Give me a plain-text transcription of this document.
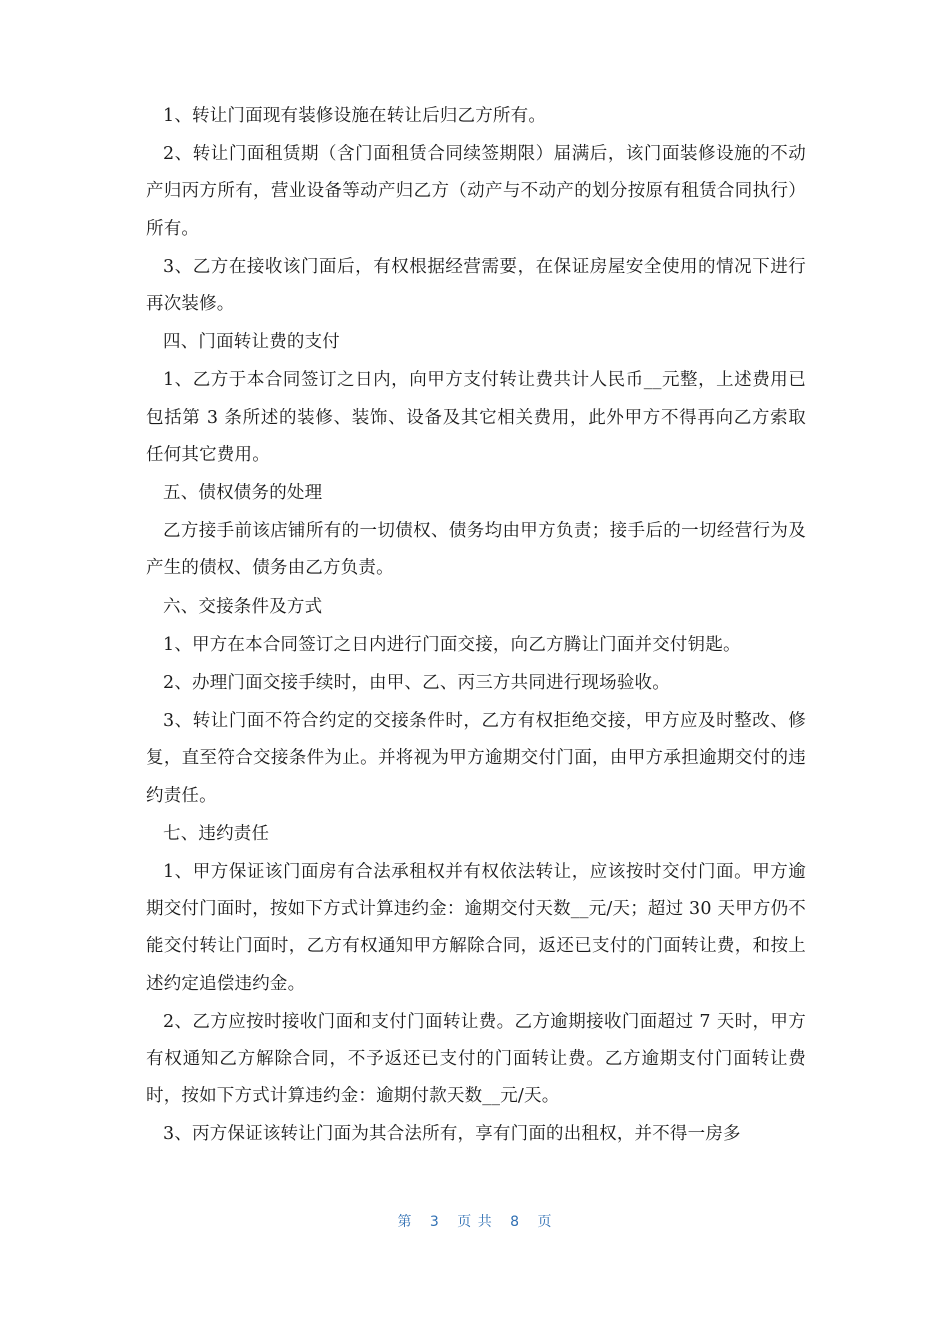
1、转让门面现有装修设施在转让后归乙方所有。

2、转让门面租赁期（含门面租赁合同续签期限）届满后，该门面装修设施的不动产归丙方所有，营业设备等动产归乙方（动产与不动产的划分按原有租赁合同执行）所有。

3、乙方在接收该门面后，有权根据经营需要，在保证房屋安全使用的情况下进行再次装修。

四、门面转让费的支付

1、乙方于本合同签订之日内，向甲方支付转让费共计人民币__元整，上述费用已包括第 3 条所述的装修、装饰、设备及其它相关费用，此外甲方不得再向乙方索取任何其它费用。

五、债权债务的处理

乙方接手前该店铺所有的一切债权、债务均由甲方负责；接手后的一切经营行为及产生的债权、债务由乙方负责。

六、交接条件及方式

1、甲方在本合同签订之日内进行门面交接，向乙方腾让门面并交付钥匙。

2、办理门面交接手续时，由甲、乙、丙三方共同进行现场验收。

3、转让门面不符合约定的交接条件时，乙方有权拒绝交接，甲方应及时整改、修复，直至符合交接条件为止。并将视为甲方逾期交付门面，由甲方承担逾期交付的违约责任。

七、违约责任

1、甲方保证该门面房有合法承租权并有权依法转让，应该按时交付门面。甲方逾期交付门面时，按如下方式计算违约金：逾期交付天数__元/天；超过 30 天甲方仍不能交付转让门面时，乙方有权通知甲方解除合同，返还已支付的门面转让费，和按上述约定追偿违约金。

2、乙方应按时接收门面和支付门面转让费。乙方逾期接收门面超过 7 天时，甲方有权通知乙方解除合同，不予返还已支付的门面转让费。乙方逾期支付门面转让费时，按如下方式计算违约金：逾期付款天数__元/天。

3、丙方保证该转让门面为其合法所有，享有门面的出租权，并不得一房多

第 3 页 共 8 页
